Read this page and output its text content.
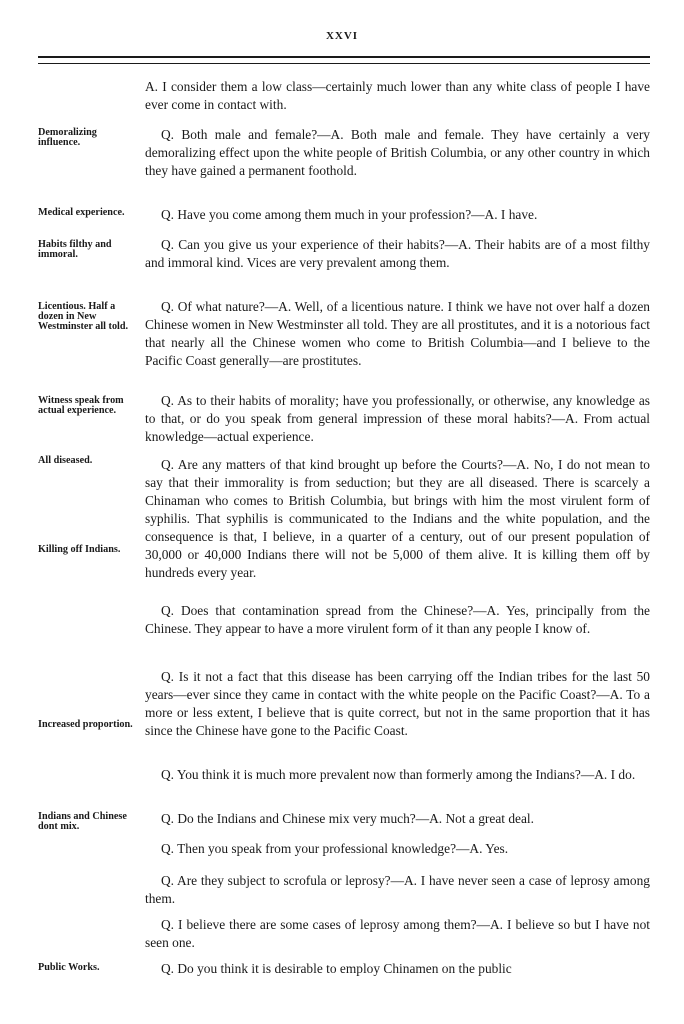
XXVI

A. I consider them a low class—certainly much lower than any white class of people I have ever come in contact with.

Demoralizing influence.

Q. Both male and female?—A. Both male and female. They have certainly a very demoralizing effect upon the white people of British Columbia, or any other country in which they have gained a permanent foothold.

Medical experience.	Q. Have you come among them much in your profession?—A. I have.

Habits filthy and immoral.

Q. Can you give us your experience of their habits?—A. Their habits are of a most filthy and immoral kind. Vices are very prevalent among them.

Licentious. Half a dozen in New Westminster all told.

Q. Of what nature?—A. Well, of a licentious nature. I think we have not over half a dozen Chinese women in New Westminster all told. They are all prostitutes, and it is a notorious fact that nearly all the Chinese women who come to British Columbia—and I believe to the Pacific Coast generally—are prostitutes.

Witness speak from actual experience.

Q. As to their habits of morality; have you professionally, or otherwise, any knowledge as to that, or do you speak from general impression of these moral habits?—A. From actual knowledge—actual experience.

All diseased.	Q. Are any matters of that kind brought up before the Courts?—A. No, I do not mean to say that their immorality is from seduction; but they are all diseased. There is scarcely a Chinaman who comes to British Columbia, but brings with him the most virulent form of syphilis. That syphilis is communicated to the Indians and the white population, and the consequence is that, I believe, in a quarter of a century, out of our present population of 30,000 or 40,000 Indians there will not be 5,000 of them alive. It is killing them off by hundreds every year.

Killing off Indians.

Q. Does that contamination spread from the Chinese?—A. Yes, principally from the Chinese. They appear to have a more virulent form of it than any people I know of.

Q. Is it not a fact that this disease has been carrying off the Indian tribes for the last 50 years—ever since they came in contact with the white people on the Pacific Coast?—A. To a more or less extent, I believe that is quite correct, but not in the same proportion that it has since the Chinese have gone to the Pacific Coast.

Increased proportion.

Q. You think it is much more prevalent now than formerly among the Indians?—A. I do.

Indians and Chinese dont mix.

Q. Do the Indians and Chinese mix very much?—A. Not a great deal.

Q. Then you speak from your professional knowledge?—A. Yes.

Q. Are they subject to scrofula or leprosy?—A. I have never seen a case of leprosy among them.

Q. I believe there are some cases of leprosy among them?—A. I believe so but I have not seen one.

Public Works.	Q. Do you think it is desirable to employ Chinamen on the public
